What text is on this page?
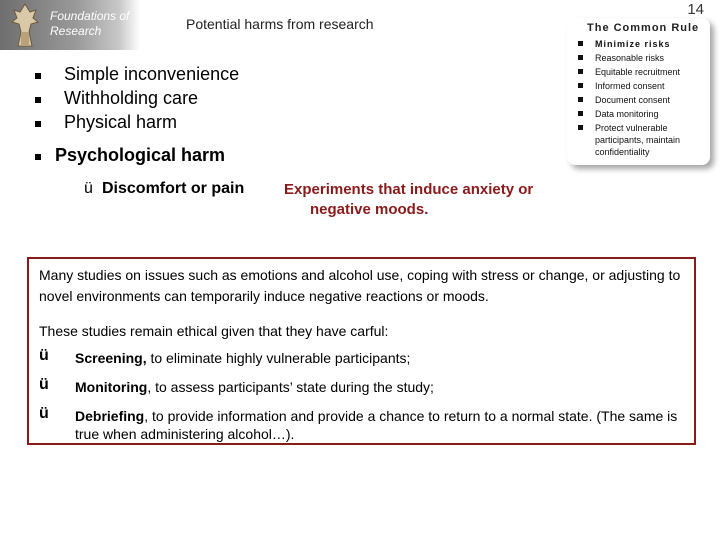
Foundations of
Research	Potential harms from research
14
The Common Rule
Minimize risks
Reasonable risks
Equitable recruitment
Informed consent
Document consent
Data monitoring
Protect vulnerable participants, maintain confidentiality
Simple inconvenience
Withholding care
Physical harm
Psychological harm
ü Discomfort or pain	Experiments that induce anxiety or
negative moods.

Many studies on issues such as emotions and alcohol use, coping with stress or change, or adjusting to novel environments can temporarily induce negative reactions or moods.

These studies remain ethical given that they have carful:

ü Screening, to eliminate highly vulnerable participants;
ü Monitoring, to assess participants’ state during the study;
ü Debriefing, to provide information and provide a chance to return to a normal state. (The same is true when administering alcohol…).
